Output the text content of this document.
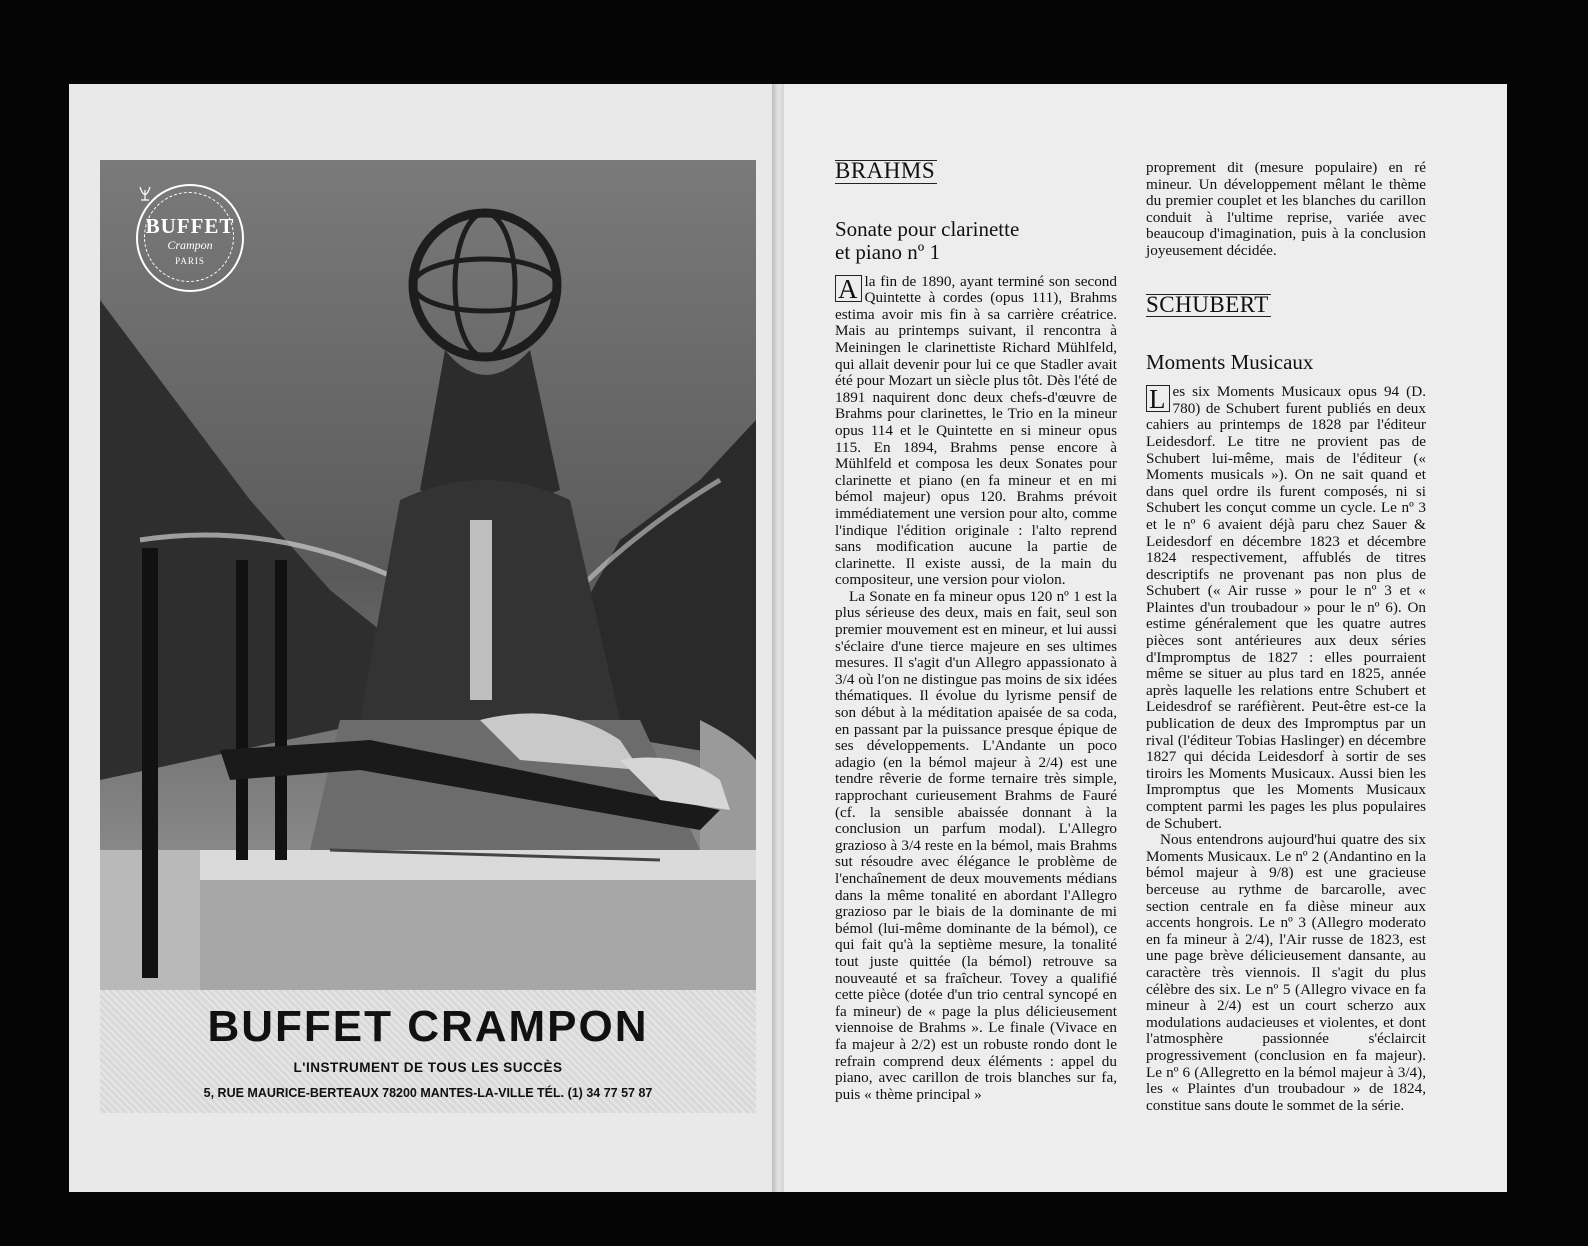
BUFFET
Crampon
PARIS
BUFFET CRAMPON
L'INSTRUMENT DE TOUS LES SUCCÈS
5, RUE MAURICE-BERTEAUX 78200 MANTES-LA-VILLE TÉL. (1) 34 77 57 87
BRAHMS
Sonate pour clarinette
et piano nº 1

A la fin de 1890, ayant terminé son second Quintette à cordes (opus 111), Brahms estima avoir mis fin à sa carrière créatrice. Mais au printemps suivant, il rencontra à Meiningen le clarinettiste Richard Mühlfeld, qui allait devenir pour lui ce que Stadler avait été pour Mozart un siècle plus tôt. Dès l'été de 1891 naquirent donc deux chefs-d'œuvre de Brahms pour clarinettes, le Trio en la mineur opus 114 et le Quintette en si mineur opus 115. En 1894, Brahms pense encore à Mühlfeld et composa les deux Sonates pour clarinette et piano (en fa mineur et en mi bémol majeur) opus 120. Brahms prévoit immédiatement une version pour alto, comme l'indique l'édition originale : l'alto reprend sans modification aucune la partie de clarinette. Il existe aussi, de la main du compositeur, une version pour violon.

La Sonate en fa mineur opus 120 nº 1 est la plus sérieuse des deux, mais en fait, seul son premier mouvement est en mineur, et lui aussi s'éclaire d'une tierce majeure en ses ultimes mesures. Il s'agit d'un Allegro appassionato à 3/4 où l'on ne distingue pas moins de six idées thématiques. Il évolue du lyrisme pensif de son début à la méditation apaisée de sa coda, en passant par la puissance presque épique de ses développements. L'Andante un poco adagio (en la bémol majeur à 2/4) est une tendre rêverie de forme ternaire très simple, rapprochant curieusement Brahms de Fauré (cf. la sensible abaissée donnant à la conclusion un parfum modal). L'Allegro grazioso à 3/4 reste en la bémol, mais Brahms sut résoudre avec élégance le problème de l'enchaînement de deux mouvements médians dans la même tonalité en abordant l'Allegro grazioso par le biais de la dominante de mi bémol (lui-même dominante de la bémol), ce qui fait qu'à la septième mesure, la tonalité tout juste quittée (la bémol) retrouve sa nouveauté et sa fraîcheur. Tovey a qualifié cette pièce (dotée d'un trio central syncopé en fa mineur) de « page la plus délicieusement viennoise de Brahms ». Le finale (Vivace en fa majeur à 2/2) est un robuste rondo dont le refrain comprend deux éléments : appel du piano, avec carillon de trois blanches sur fa, puis « thème principal »

proprement dit (mesure populaire) en ré mineur. Un développement mêlant le thème du premier couplet et les blanches du carillon conduit à l'ultime reprise, variée avec beaucoup d'imagination, puis à la conclusion joyeusement décidée.

SCHUBERT
Moments Musicaux

L es six Moments Musicaux opus 94 (D. 780) de Schubert furent publiés en deux cahiers au printemps de 1828 par l'éditeur Leidesdorf. Le titre ne provient pas de Schubert lui-même, mais de l'éditeur (« Moments musicals »). On ne sait quand et dans quel ordre ils furent composés, ni si Schubert les conçut comme un cycle. Le nº 3 et le nº 6 avaient déjà paru chez Sauer & Leidesdorf en décembre 1823 et décembre 1824 respectivement, affublés de titres descriptifs ne provenant pas non plus de Schubert (« Air russe » pour le nº 3 et « Plaintes d'un troubadour » pour le nº 6). On estime généralement que les quatre autres pièces sont antérieures aux deux séries d'Impromptus de 1827 : elles pourraient même se situer au plus tard en 1825, année après laquelle les relations entre Schubert et Leidesdrof se raréfièrent. Peut-être est-ce la publication de deux des Impromptus par un rival (l'éditeur Tobias Haslinger) en décembre 1827 qui décida Leidesdorf à sortir de ses tiroirs les Moments Musicaux. Aussi bien les Impromptus que les Moments Musicaux comptent parmi les pages les plus populaires de Schubert.

Nous entendrons aujourd'hui quatre des six Moments Musicaux. Le nº 2 (Andantino en la bémol majeur à 9/8) est une gracieuse berceuse au rythme de barcarolle, avec section centrale en fa dièse mineur aux accents hongrois. Le nº 3 (Allegro moderato en fa mineur à 2/4), l'Air russe de 1823, est une page brève délicieusement dansante, au caractère très viennois. Il s'agit du plus célèbre des six. Le nº 5 (Allegro vivace en fa mineur à 2/4) est un court scherzo aux modulations audacieuses et violentes, et dont l'atmosphère passionnée s'éclaircit progressivement (conclusion en fa majeur). Le nº 6 (Allegretto en la bémol majeur à 3/4), les « Plaintes d'un troubadour » de 1824, constitue sans doute le sommet de la série.
